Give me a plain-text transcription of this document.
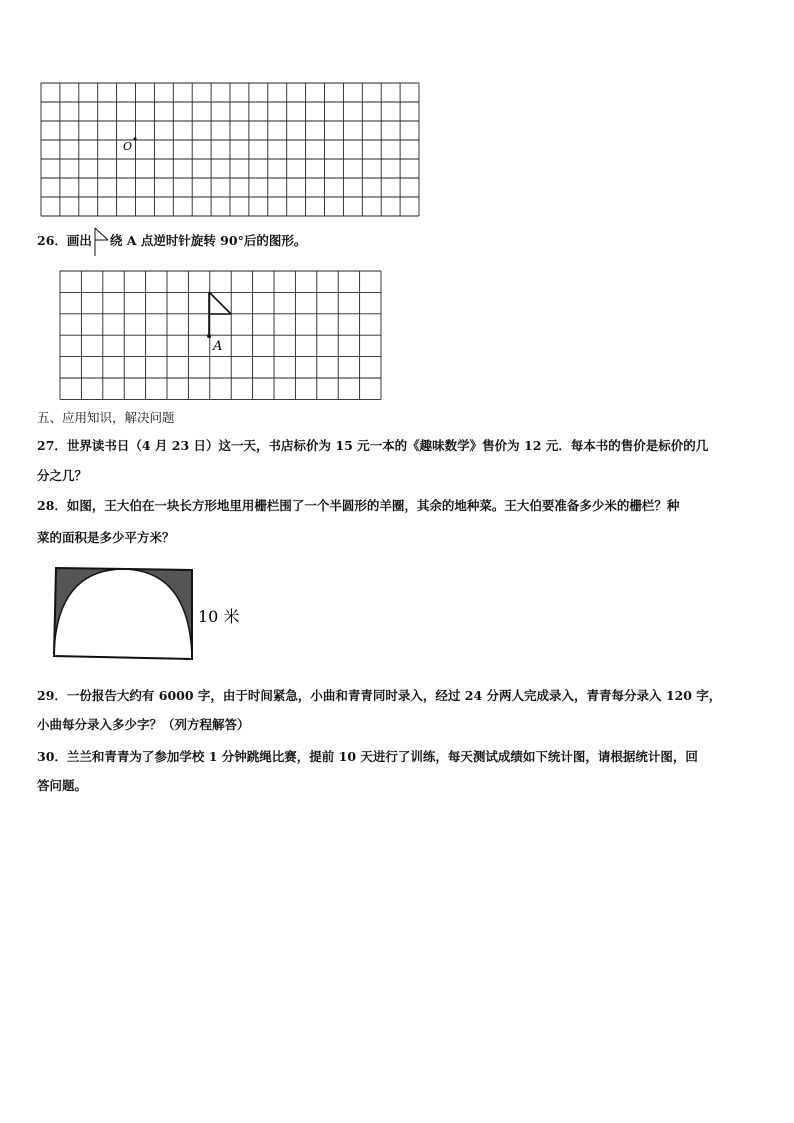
O
26．画出 绕 A 点逆时针旋转 90°后的图形。
A
五、应用知识，解决问题
27．世界读书日（4 月 23 日）这一天，书店标价为 15 元一本的《趣味数学》售价为 12 元．每本书的售价是标价的几
分之几？
28．如图，王大伯在一块长方形地里用栅栏围了一个半圆形的羊圈，其余的地种菜。王大伯要准备多少米的栅栏？种
菜的面积是多少平方米？
10 米
29．一份报告大约有 6000 字，由于时间紧急，小曲和青青同时录入，经过 24 分两人完成录入，青青每分录入 120 字，
小曲每分录入多少字？（列方程解答）
30．兰兰和青青为了参加学校 1 分钟跳绳比赛，提前 10 天进行了训练，每天测试成绩如下统计图，请根据统计图，回
答问题。
